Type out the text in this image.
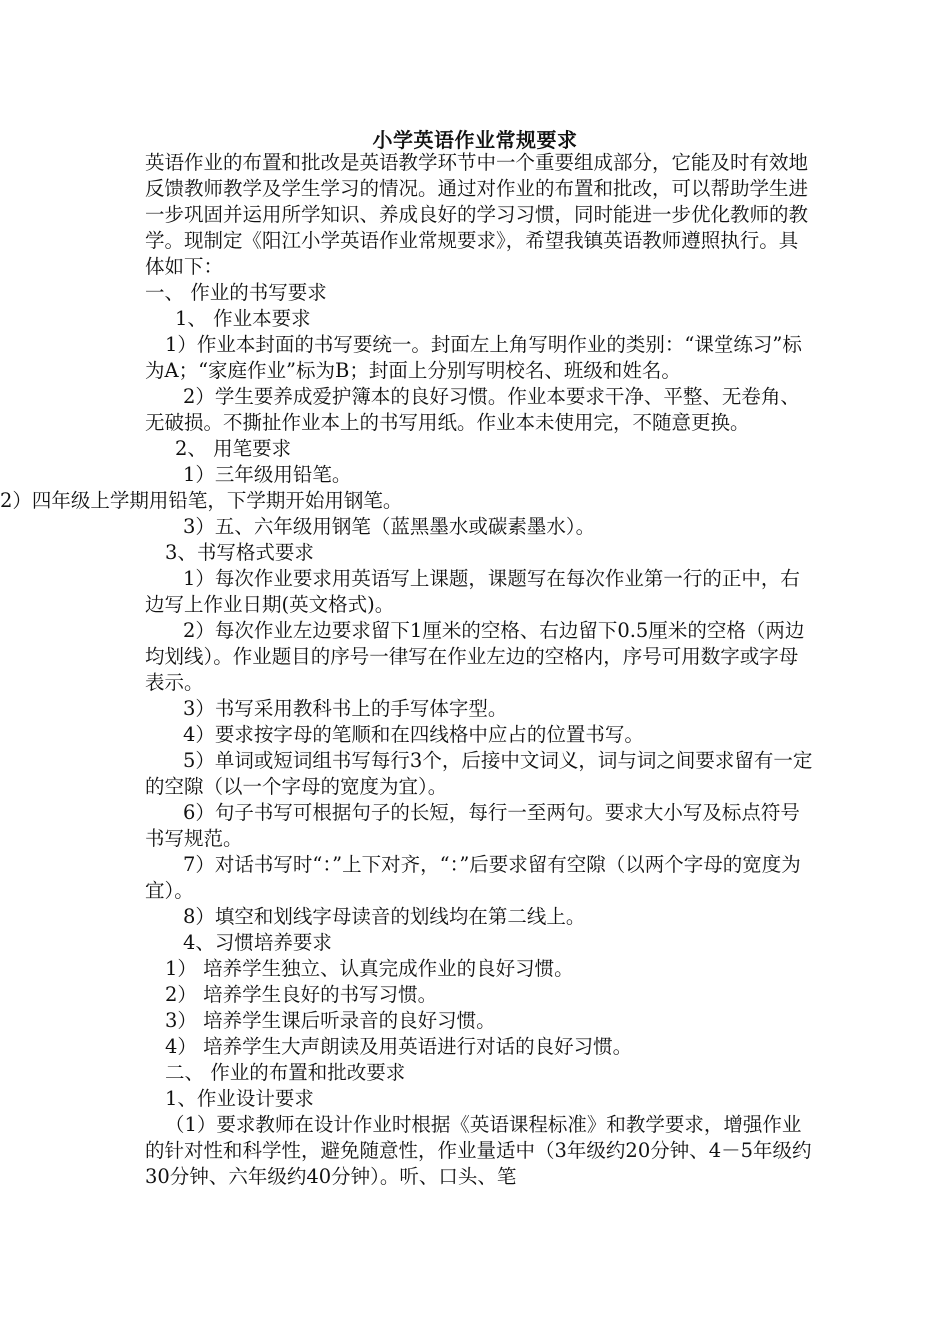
小学英语作业常规要求

英语作业的布置和批改是英语教学环节中一个重要组成部分，它能及时有效地反馈教师教学及学生学习的情况。通过对作业的布置和批改，可以帮助学生进一步巩固并运用所学知识、养成良好的学习习惯，同时能进一步优化教师的教学。现制定《阳江小学英语作业常规要求》，希望我镇英语教师遵照执行。具体如下：

一、 作业的书写要求

1、 作业本要求

1）作业本封面的书写要统一。封面左上角写明作业的类别：“课堂练习”标为A；“家庭作业”标为B；封面上分别写明校名、班级和姓名。

2）学生要养成爱护簿本的良好习惯。作业本要求干净、平整、无卷角、无破损。不撕扯作业本上的书写用纸。作业本未使用完，不随意更换。

2、 用笔要求

1）三年级用铅笔。

2）四年级上学期用铅笔，下学期开始用钢笔。

3）五、六年级用钢笔（蓝黑墨水或碳素墨水）。

3、书写格式要求

1）每次作业要求用英语写上课题，课题写在每次作业第一行的正中，右边写上作业日期(英文格式)。

2）每次作业左边要求留下1厘米的空格、右边留下0.5厘米的空格（两边均划线）。作业题目的序号一律写在作业左边的空格内，序号可用数字或字母表示。

3）书写采用教科书上的手写体字型。

4）要求按字母的笔顺和在四线格中应占的位置书写。

5）单词或短词组书写每行3个，后接中文词义，词与词之间要求留有一定的空隙（以一个字母的宽度为宜）。

6）句子书写可根据句子的长短，每行一至两句。要求大小写及标点符号书写规范。

7）对话书写时“：”上下对齐，“：”后要求留有空隙（以两个字母的宽度为宜）。

8）填空和划线字母读音的划线均在第二线上。

4、习惯培养要求

1） 培养学生独立、认真完成作业的良好习惯。

2） 培养学生良好的书写习惯。

3） 培养学生课后听录音的良好习惯。

4） 培养学生大声朗读及用英语进行对话的良好习惯。

二、 作业的布置和批改要求

1、作业设计要求

（1）要求教师在设计作业时根据《英语课程标准》和教学要求，增强作业的针对性和科学性，避免随意性，作业量适中（3年级约20分钟、4－5年级约30分钟、六年级约40分钟）。听、口头、笔
